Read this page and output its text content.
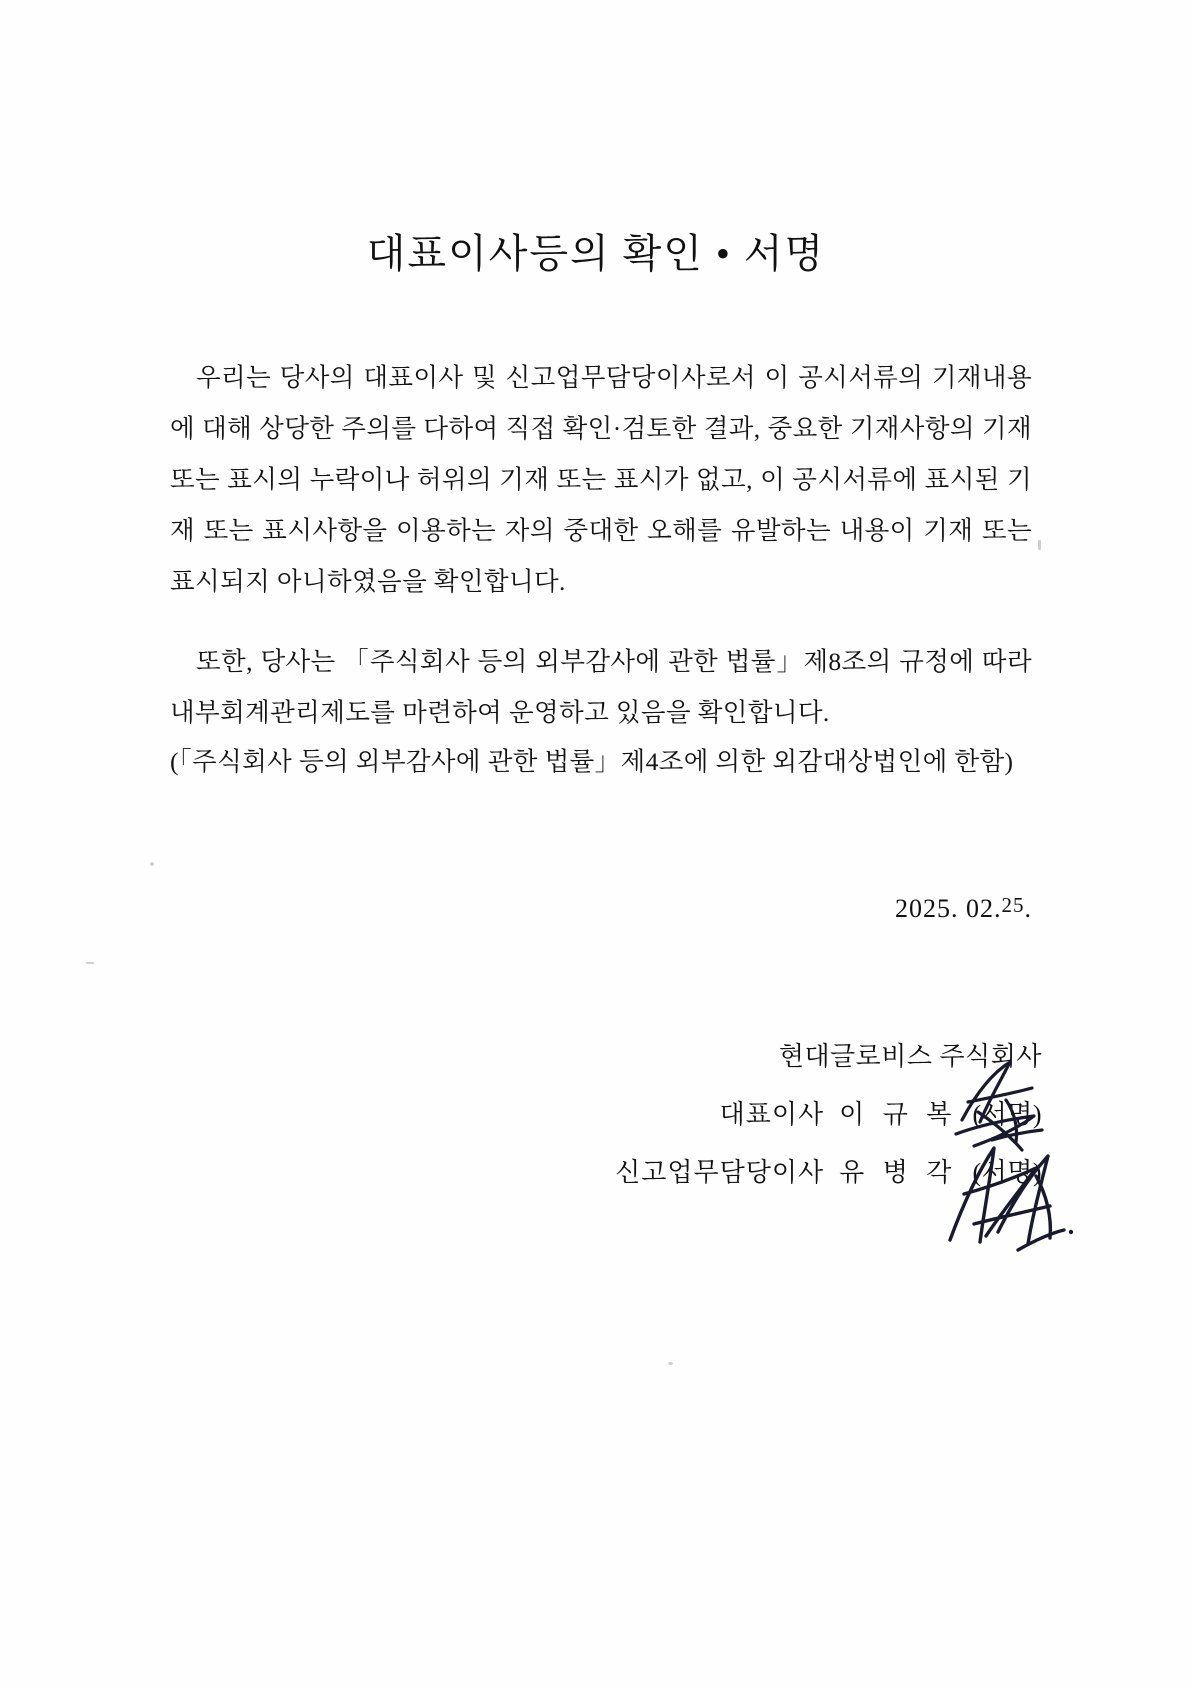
대표이사등의 확인 • 서명
우리는 당사의 대표이사 및 신고업무담당이사로서 이 공시서류의 기재내용에 대해 상당한 주의를 다하여 직접 확인·검토한 결과, 중요한 기재사항의 기재 또는 표시의 누락이나 허위의 기재 또는 표시가 없고, 이 공시서류에 표시된 기재 또는 표시사항을 이용하는 자의 중대한 오해를 유발하는 내용이 기재 또는 표시되지 아니하였음을 확인합니다.
또한, 당사는 「주식회사 등의 외부감사에 관한 법률」제8조의 규정에 따라 내부회계관리제도를 마련하여 운영하고 있음을 확인합니다.
(「주식회사 등의 외부감사에 관한 법률」제4조에 의한 외감대상법인에 한함)
2025. 02.25.
현대글로비스 주식회사
대표이사 이 규 복 (서명)
신고업무담당이사 유 병 각 (서명)
